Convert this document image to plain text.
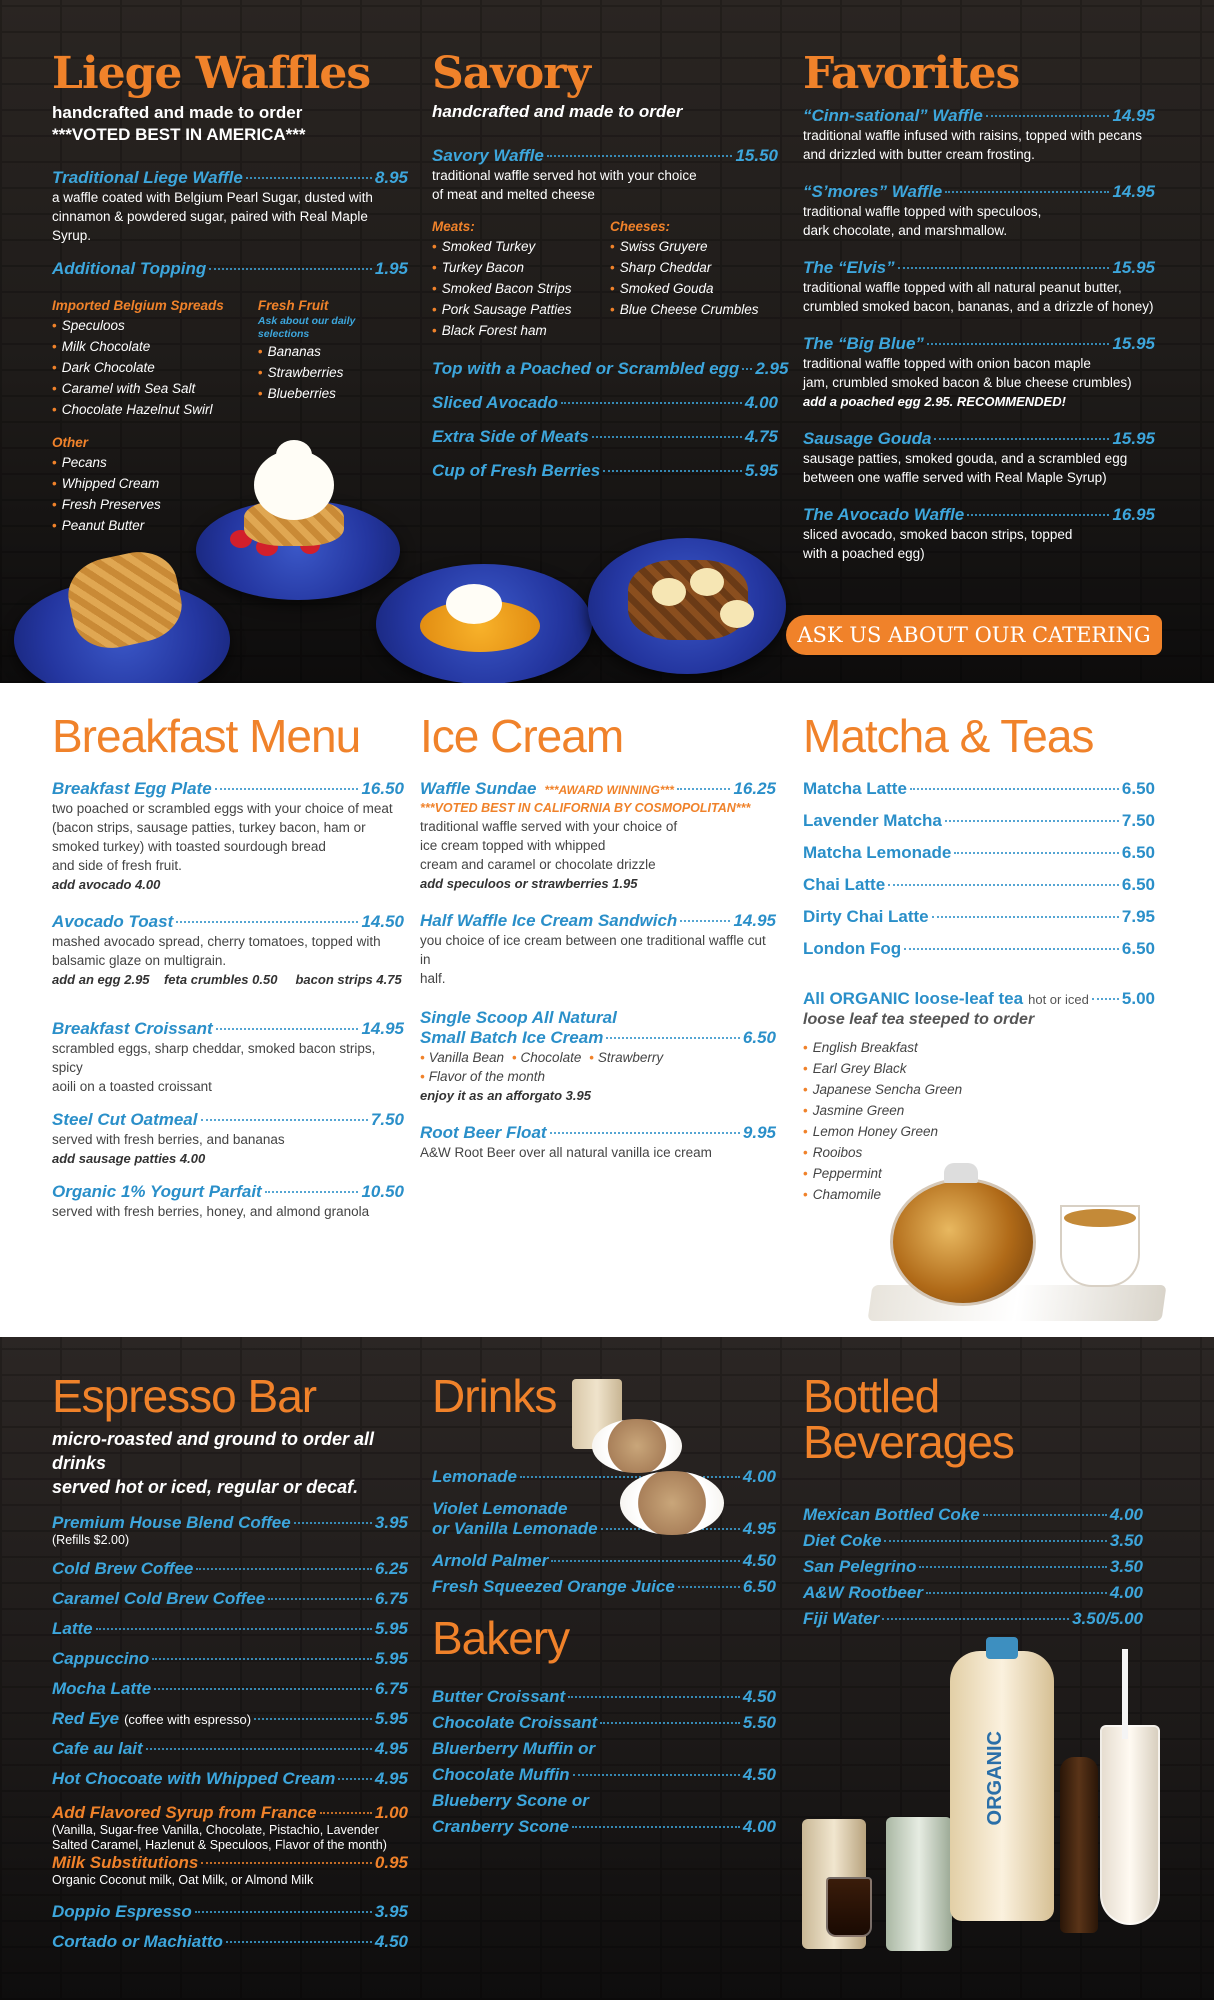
Liege Waffles
handcrafted and made to order
***VOTED BEST IN AMERICA***
Traditional Liege Waffle	8.95
a waffle coated with Belgium Pearl Sugar, dusted with
cinnamon & powdered sugar, paired with Real Maple Syrup.
Additional Topping	1.95
Imported Belgium Spreads
• Speculoos
• Milk Chocolate
• Dark Chocolate
• Caramel with Sea Salt
• Chocolate Hazelnut Swirl
Fresh Fruit
Ask about our daily selections
• Bananas
• Strawberries
• Blueberries
Other
• Pecans
• Whipped Cream
• Fresh Preserves
• Peanut Butter
Savory
handcrafted and made to order
Savory Waffle	15.50
traditional waffle served hot with your choice
of meat and melted cheese
Meats:
• Smoked Turkey
• Turkey Bacon
• Smoked Bacon Strips
• Pork Sausage Patties
• Black Forest ham
Cheeses:
• Swiss Gruyere
• Sharp Cheddar
• Smoked Gouda
• Blue Cheese Crumbles
Top with a Poached or Scrambled egg 2.95
Sliced Avocado	4.00
Extra Side of Meats	4.75
Cup of Fresh Berries	5.95
Favorites
“Cinn-sational” Waffle	14.95
traditional waffle infused with raisins, topped with pecans
and drizzled with butter cream frosting.
“S’mores” Waffle	14.95
traditional waffle topped with speculoos,
dark chocolate, and marshmallow.
The “Elvis”	15.95
traditional waffle topped with all natural peanut butter,
crumbled smoked bacon, bananas, and a drizzle of honey)
The “Big Blue”	15.95
traditional waffle topped with onion bacon maple
jam, crumbled smoked bacon & blue cheese crumbles)
add a poached egg 2.95. RECOMMENDED!
Sausage Gouda	15.95
sausage patties, smoked gouda, and a scrambled egg
between one waffle served with Real Maple Syrup)
The Avocado Waffle	16.95
sliced avocado, smoked bacon strips, topped
with a poached egg)
ASK US ABOUT OUR CATERING
Breakfast Menu
Breakfast Egg Plate	16.50
two poached or scrambled eggs with your choice of meat
(bacon strips, sausage patties, turkey bacon, ham or
smoked turkey) with toasted sourdough bread
and side of fresh fruit.
add avocado 4.00
Avocado Toast	14.50
mashed avocado spread, cherry tomatoes, topped with
balsamic glaze on multigrain.
add an egg 2.95    feta crumbles 0.50     bacon strips 4.75
Breakfast Croissant	14.95
scrambled eggs, sharp cheddar, smoked bacon strips, spicy
aoili on a toasted croissant
Steel Cut Oatmeal	7.50
served with fresh berries, and bananas
add sausage patties 4.00
Organic 1% Yogurt Parfait	10.50
served with fresh berries, honey, and almond granola
Ice Cream
Waffle Sundae ***AWARD WINNING***	16.25
***VOTED BEST IN CALIFORNIA BY COSMOPOLITAN***
traditional waffle served with your choice of
ice cream topped with whipped
cream and caramel or chocolate drizzle
add speculoos or strawberries 1.95
Half Waffle Ice Cream Sandwich	14.95
you choice of ice cream between one traditional waffle cut in
half.
Single Scoop All Natural
Small Batch Ice Cream	6.50
• Vanilla Bean • Chocolate • Strawberry
• Flavor of the month
enjoy it as an afforgato 3.95
Root Beer Float	9.95
A&W Root Beer over all natural vanilla ice cream
Matcha & Teas
Matcha Latte	6.50
Lavender Matcha	7.50
Matcha Lemonade	6.50
Chai Latte	6.50
Dirty Chai Latte	7.95
London Fog	6.50
All ORGANIC loose-leaf tea hot or iced 5.00
loose leaf tea steeped to order
• English Breakfast
• Earl Grey Black
• Japanese Sencha Green
• Jasmine Green
• Lemon Honey Green
• Rooibos
• Peppermint
• Chamomile
Espresso Bar
micro-roasted and ground to order all drinks
served hot or iced, regular or decaf.
Premium House Blend Coffee	3.95
(Refills $2.00)
Cold Brew Coffee	6.25
Caramel Cold Brew Coffee	6.75
Latte	5.95
Cappuccino	5.95
Mocha Latte	6.75
Red Eye (coffee with espresso)	5.95
Cafe au lait	4.95
Hot Chocoate with Whipped Cream 4.95
Add Flavored Syrup from France	1.00
(Vanilla, Sugar-free Vanilla, Chocolate, Pistachio, Lavender
Salted Caramel, Hazlenut & Speculoos, Flavor of the month)
Milk Substitutions	0.95
Organic Coconut milk, Oat Milk, or Almond Milk
Doppio Espresso	3.95
Cortado or Machiatto	4.50
Drinks
Lemonade	4.00
Violet Lemonade
or Vanilla Lemonade	4.95
Arnold Palmer	4.50
Fresh Squeezed Orange Juice	6.50
Bakery
Butter Croissant	4.50
Chocolate Croissant	5.50
Bluerberry Muffin or
Chocolate Muffin	4.50
Blueberry Scone or
Cranberry Scone	4.00
Bottled Beverages
Mexican Bottled Coke	4.00
Diet Coke	3.50
San Pelegrino	3.50
A&W Rootbeer	4.00
Fiji Water	3.50/5.00
ORGANIC
